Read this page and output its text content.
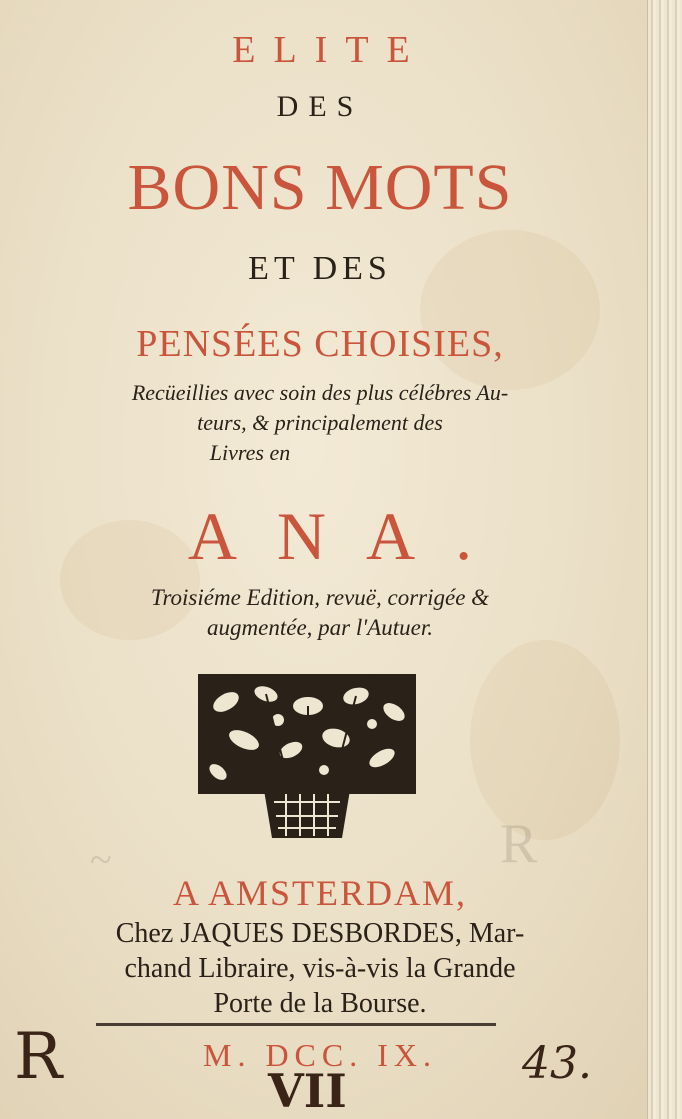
R
~

ELITE

DES

BONS MOTS

ET DES

PENSÉES CHOISIES,

Recüeillies avec soin des plus célébres Au-

teurs, & principalement des

Livres en

ANA.

Troisiéme Edition, revuë, corrigée &

augmentée, par l'Autuer.

A AMSTERDAM,

Chez JAQUES DESBORDES, Mar-

chand Libraire, vis-à-vis la Grande

Porte de la Bourse.

M. DCC. IX.

R	VII
43.
